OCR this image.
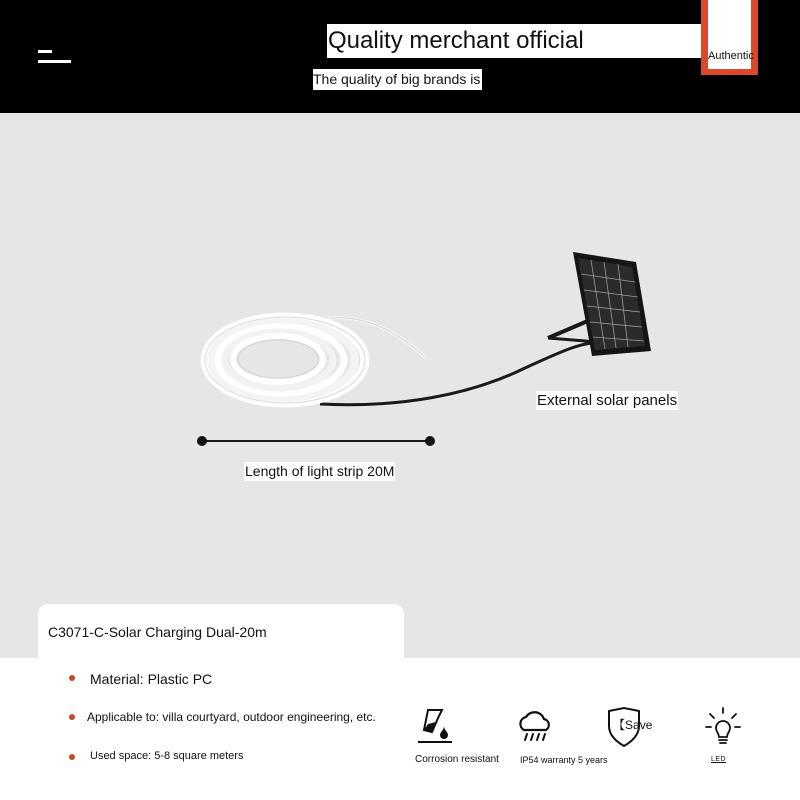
Quality merchant official
The quality of big brands is
Authentic
External solar panels
Length of light strip 20M
C3071-C-Solar Charging Dual-20m
Material: Plastic PC
Applicable to: villa courtyard, outdoor engineering, etc.
Used space: 5-8 square meters	Corrosion resistant IP54 warranty 5 years
【Save
LED
